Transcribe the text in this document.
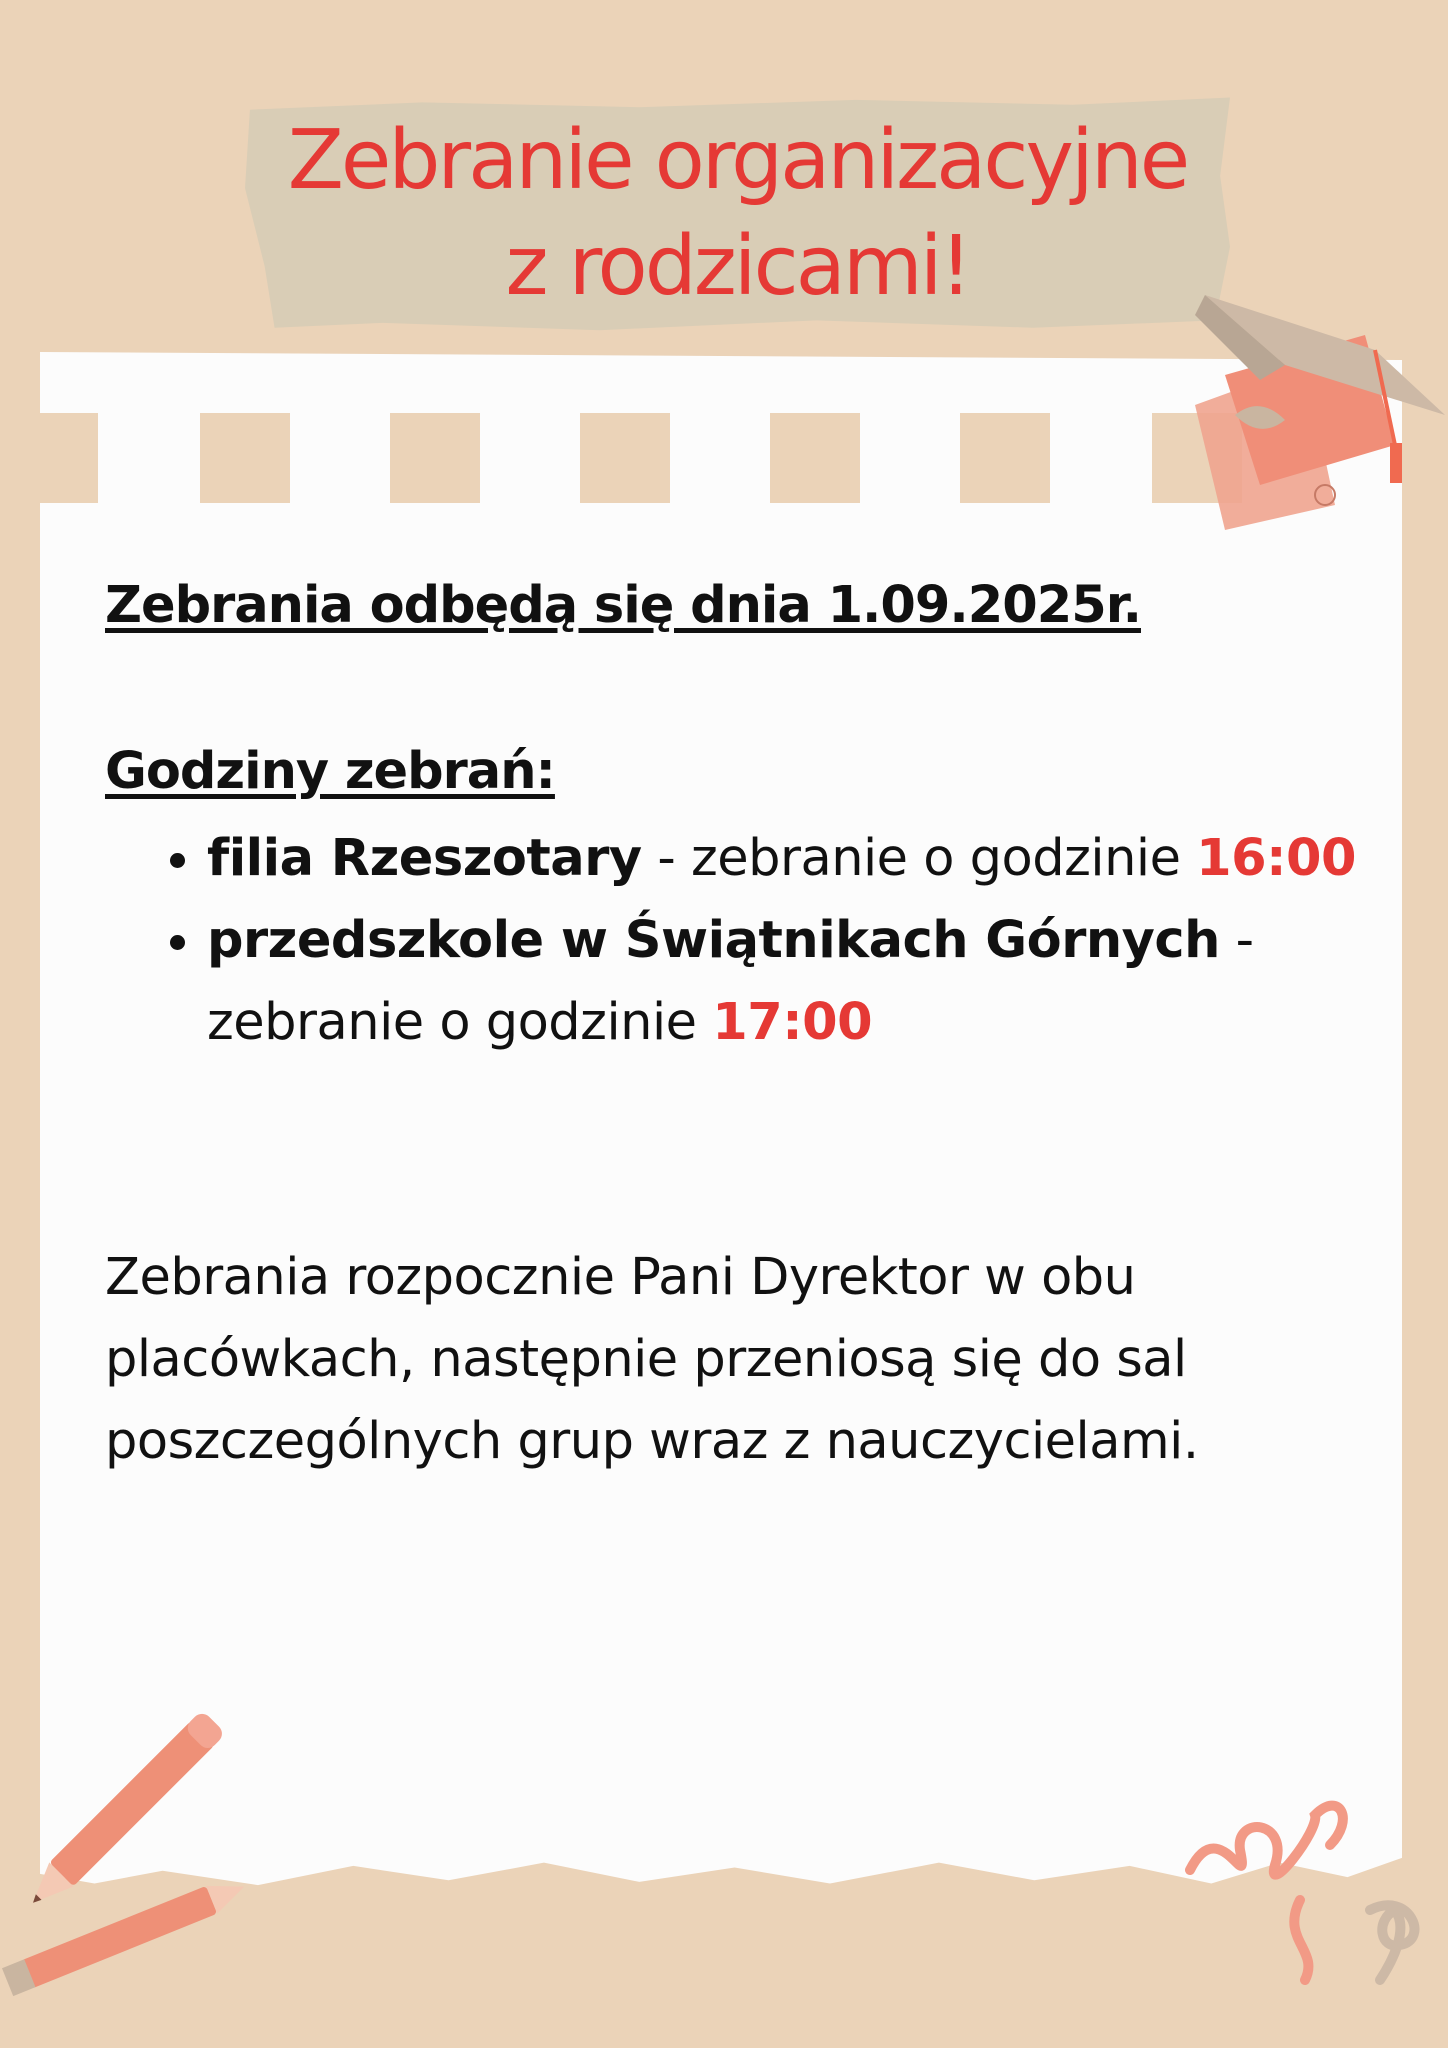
Zebranie organizacyjne
z rodzicami!

Zebrania odbędą się dnia 1.09.2025r.

Godziny zebrań:

• filia Rzeszotary - zebranie o godzinie 16:00
• przedszkole w Świątnikach Górnych - zebranie o godzinie 17:00

Zebrania rozpocznie Pani Dyrektor w obu placówkach, następnie przeniosą się do sal poszczególnych grup wraz z nauczycielami.
